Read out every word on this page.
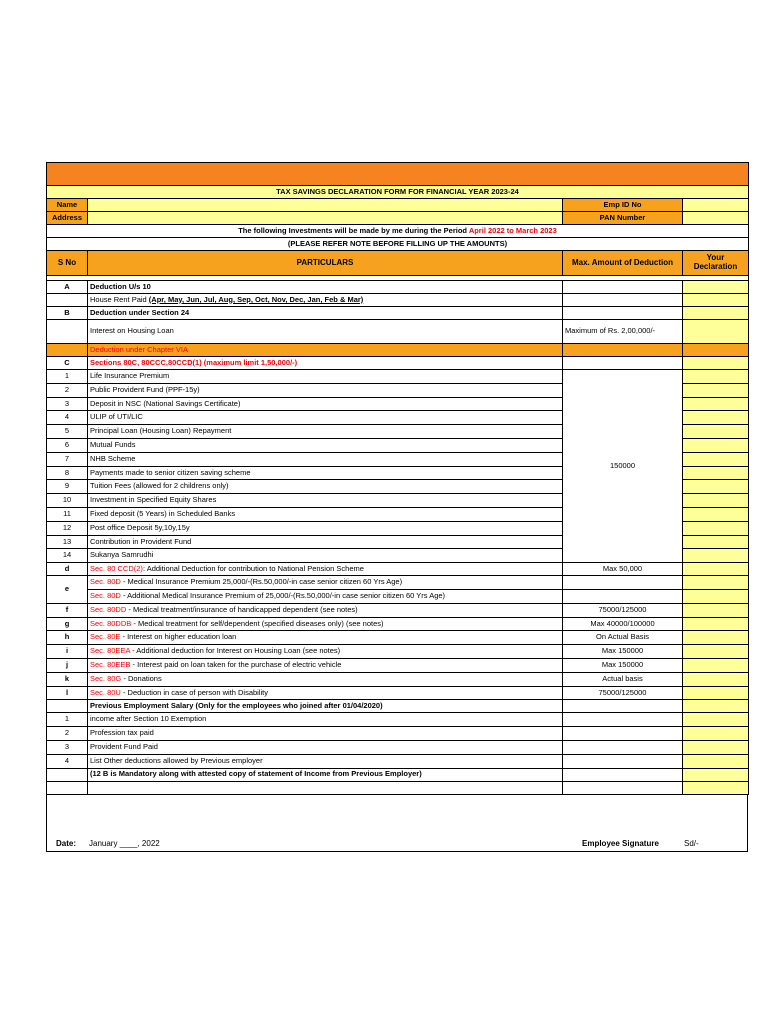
TAX SAVINGS DECLARATION FORM FOR FINANCIAL YEAR 2023-24			
Name		Emp ID No	
Address		PAN Number	
The following Investments will be made by me during the Period April 2022 to March 2023			
(PLEASE REFER NOTE BEFORE FILLING UP THE AMOUNTS)			
S No	PARTICULARS	Max. Amount of Deduction	Your Declaration

A	Deduction U/s 10		
	House Rent Paid (Apr, May, Jun, Jul, Aug, Sep, Oct, Nov, Dec, Jan, Feb & Mar)		
B	Deduction under Section 24		
	Interest on Housing Loan	Maximum of Rs. 2,00,000/-	
	Deduction under Chapter VIA		
C	Sections 80C, 80CCC,80CCD(1) (maximum limit 1,50,000/-)		
1	Life Insurance Premium	150000	
2	Public Provident Fund (PPF-15y)		
3	Deposit in NSC (National Savings Certificate)		
4	ULIP of UTI/LIC		
5	Principal Loan (Housing Loan) Repayment		
6	Mutual Funds		
7	NHB Scheme		
8	Payments made to senior citizen saving scheme		
9	Tuition Fees (allowed for 2 childrens only)		
10	Investment in Specified Equity Shares		
11	Fixed deposit (5 Years) in Scheduled Banks		
12	Post office Deposit 5y,10y,15y		
13	Contribution in Provident Fund		
14	Sukanya Samrudhi		
d	Sec. 80 CCD(2): Additional Deduction for contribution to National Pension Scheme	Max 50,000	
e	Sec. 80D - Medical Insurance Premium 25,000/-(Rs.50,000/-in case senior citizen 60 Yrs Age)		
	Sec. 80D - Additional Medical Insurance Premium of 25,000/-(Rs.50,000/-in case senior citizen 60 Yrs Age)		
f	Sec. 80DD - Medical treatment/insurance of handicapped dependent (see notes)	75000/125000	
g	Sec. 80DDB - Medical treatment for self/dependent (specified diseases only) (see notes)	Max 40000/100000	
h	Sec. 80E - Interest on higher education loan	On Actual Basis	
i	Sec. 80EEA - Additional deduction for Interest on Housing Loan (see notes)	Max 150000	
j	Sec. 80EEB - Interest paid on loan taken for the purchase of electric vehicle	Max 150000	
k	Sec. 80G - Donations	Actual basis	
l	Sec. 80U - Deduction in case of person with Disability	75000/125000	
	Previous Employment Salary (Only for the employees who joined after 01/04/2020)		
1	income after Section 10 Exemption		
2	Profession tax paid		
3	Provident Fund Paid		
4	List Other deductions allowed by Previous employer		
	(12 B is Mandatory along with attested copy of statement of Income from Previous Employer)		

Date: January ____, 2022	Employee Signature	Sd/-
